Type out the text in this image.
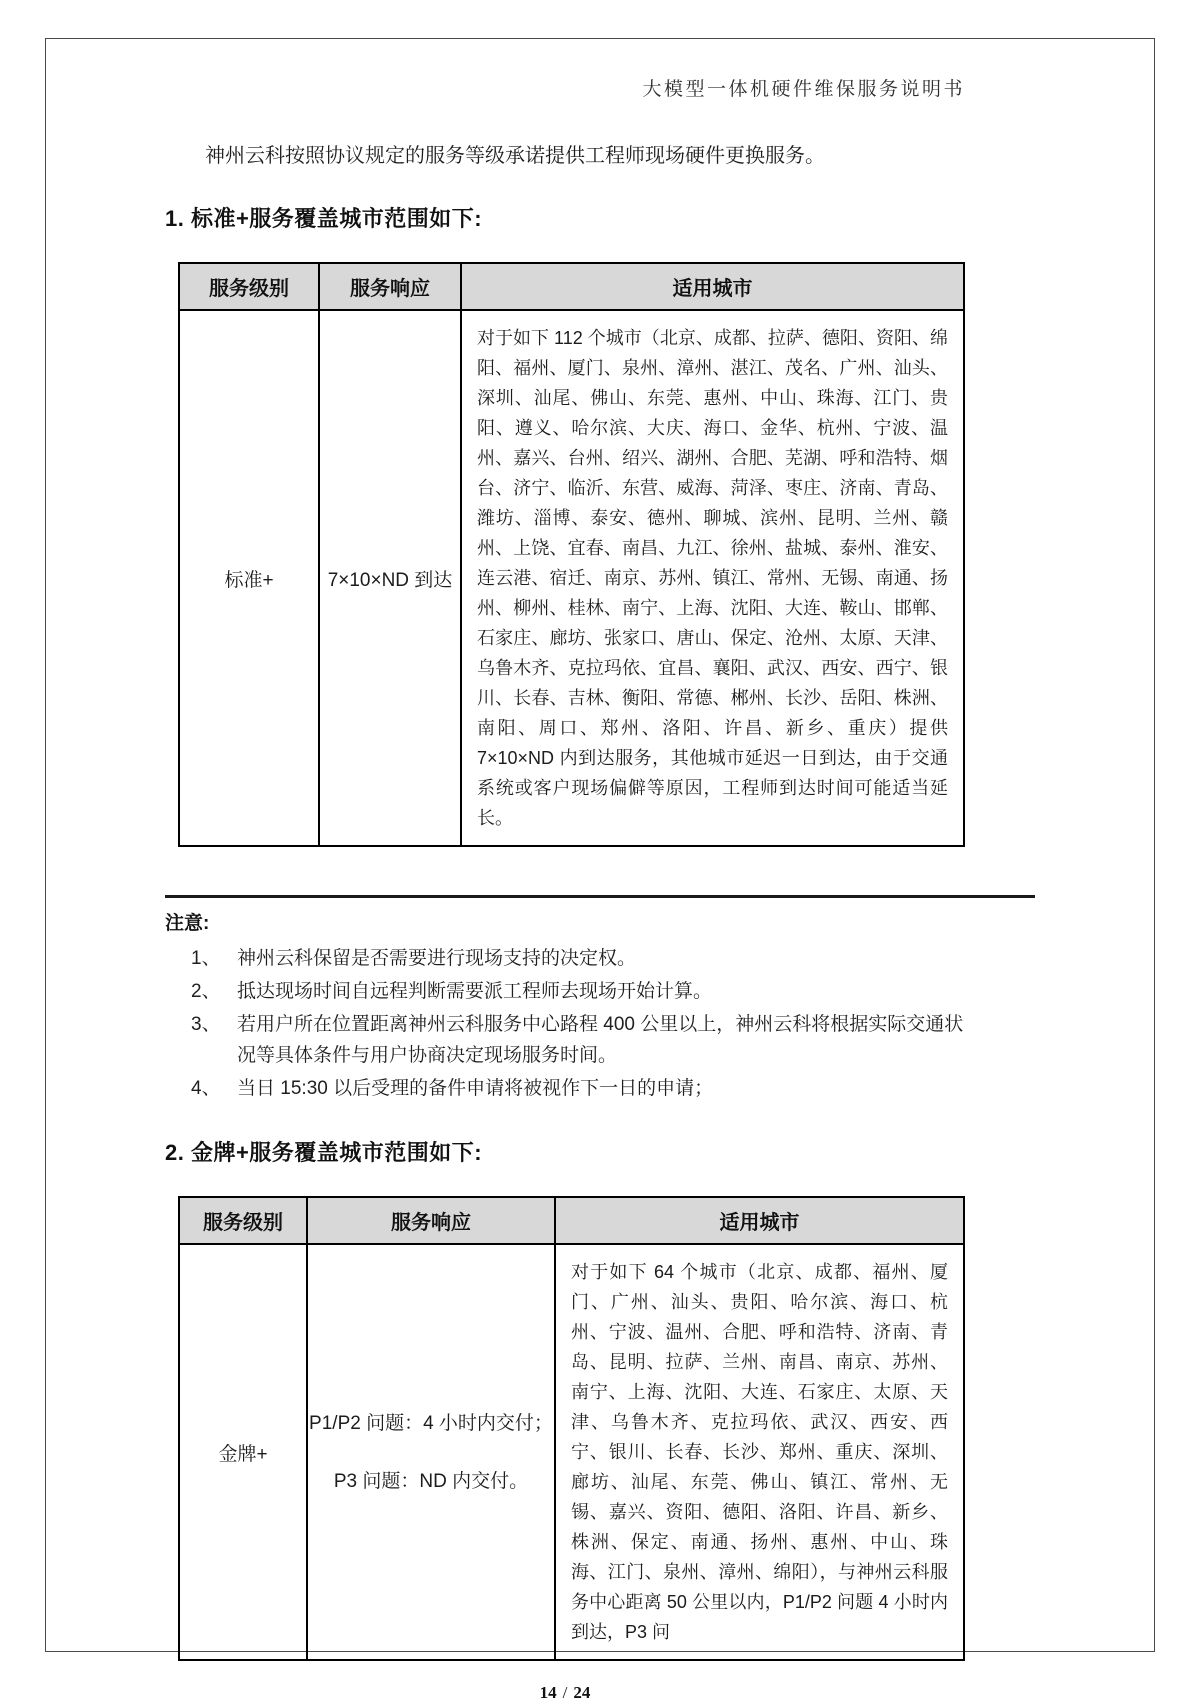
大模型一体机硬件维保服务说明书

神州云科按照协议规定的服务等级承诺提供工程师现场硬件更换服务。

1. 标准+服务覆盖城市范围如下:
服务级别	服务响应	适用城市
标准+	7×10×ND 到达	对于如下 112 个城市（北京、成都、拉萨、德阳、资阳、绵阳、福州、厦门、泉州、漳州、湛江、茂名、广州、汕头、深圳、汕尾、佛山、东莞、惠州、中山、珠海、江门、贵阳、遵义、哈尔滨、大庆、海口、金华、杭州、宁波、温州、嘉兴、台州、绍兴、湖州、合肥、芜湖、呼和浩特、烟台、济宁、临沂、东营、威海、菏泽、枣庄、济南、青岛、潍坊、淄博、泰安、德州、聊城、滨州、昆明、兰州、赣州、上饶、宜春、南昌、九江、徐州、盐城、泰州、淮安、连云港、宿迁、南京、苏州、镇江、常州、无锡、南通、扬州、柳州、桂林、南宁、上海、沈阳、大连、鞍山、邯郸、石家庄、廊坊、张家口、唐山、保定、沧州、太原、天津、乌鲁木齐、克拉玛依、宜昌、襄阳、武汉、西安、西宁、银川、长春、吉林、衡阳、常德、郴州、长沙、岳阳、株洲、南阳、周口、郑州、洛阳、许昌、新乡、重庆）提供 7×10×ND 内到达服务，其他城市延迟一日到达，由于交通系统或客户现场偏僻等原因，工程师到达时间可能适当延长。
注意:
1、 神州云科保留是否需要进行现场支持的决定权。
2、 抵达现场时间自远程判断需要派工程师去现场开始计算。
3、 若用户所在位置距离神州云科服务中心路程 400 公里以上，神州云科将根据实际交通状况等具体条件与用户协商决定现场服务时间。
4、 当日 15:30 以后受理的备件申请将被视作下一日的申请；
2. 金牌+服务覆盖城市范围如下:
服务级别	服务响应	适用城市
金牌+	P1/P2 问题：4 小时内交付；

P3 问题：ND 内交付。	对于如下 64 个城市（北京、成都、福州、厦门、广州、汕头、贵阳、哈尔滨、海口、杭州、宁波、温州、合肥、呼和浩特、济南、青岛、昆明、拉萨、兰州、南昌、南京、苏州、南宁、上海、沈阳、大连、石家庄、太原、天津、乌鲁木齐、克拉玛依、武汉、西安、西宁、银川、长春、长沙、郑州、重庆、深圳、廊坊、汕尾、东莞、佛山、镇江、常州、无锡、嘉兴、资阳、德阳、洛阳、许昌、新乡、株洲、保定、南通、扬州、惠州、中山、珠海、江门、泉州、漳州、绵阳），与神州云科服务中心距离 50 公里以内，P1/P2 问题 4 小时内到达，P3 问
14 / 24
